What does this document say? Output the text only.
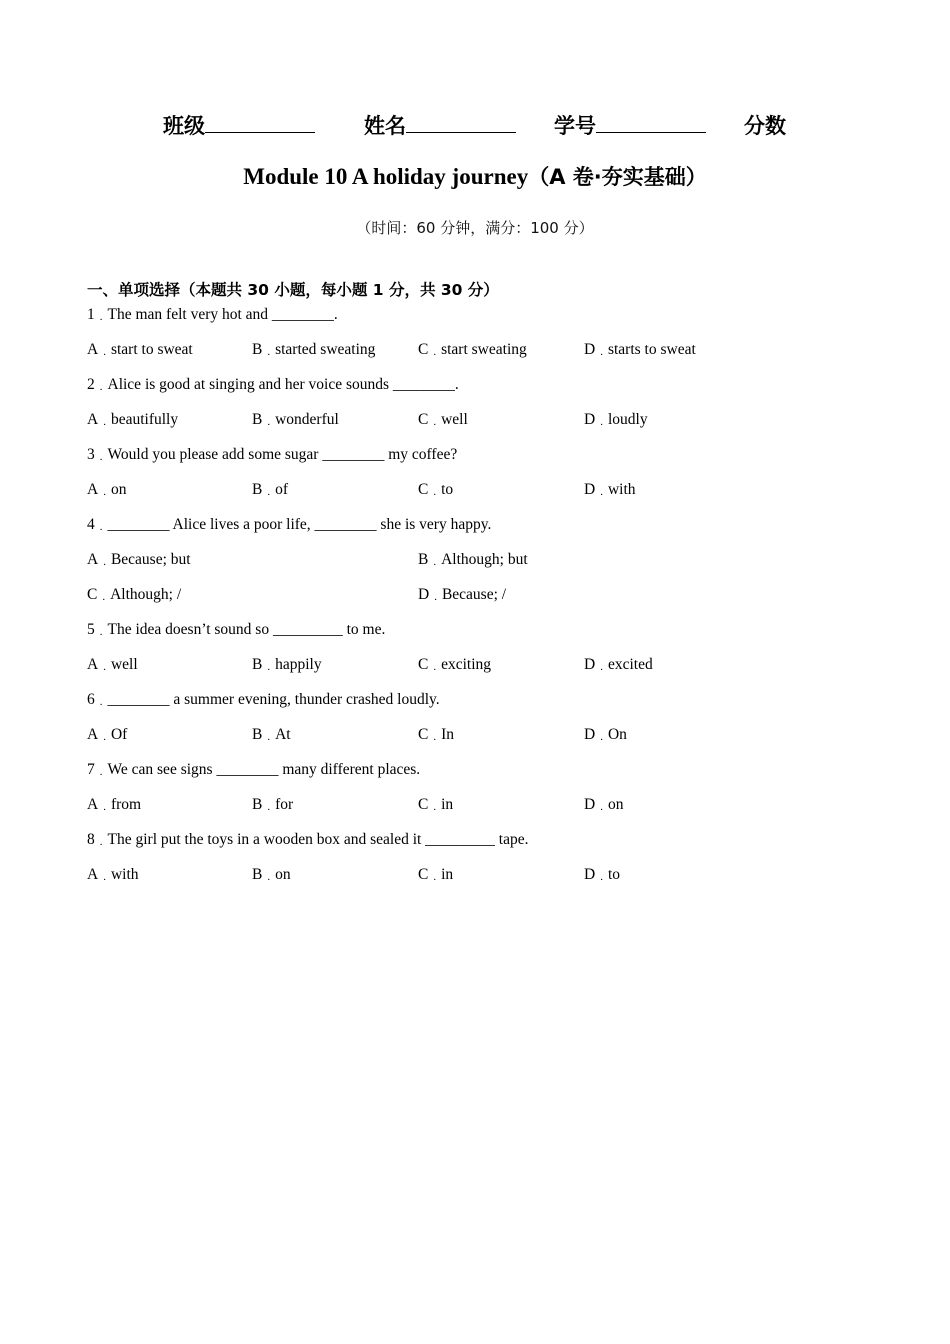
班级	姓名	学号	分数
Module 10 A holiday journey（A 卷·夯实基础）
（时间：60 分钟，满分：100 分）
一、单项选择（本题共 30 小题，每小题 1 分，共 30 分）
1 . The man felt very hot and ________.
A . start to sweat	B . started sweating	C . start sweating	D . starts to sweat
2 . Alice is good at singing and her voice sounds ________.
A . beautifully	B . wonderful	C . well	D . loudly
3 . Would you please add some sugar ________ my coffee?
A . on	B . of	C . to	D . with
4 . ________ Alice lives a poor life, ________ she is very happy.
A . Because; but	B . Although; but
C . Although; /	D . Because; /
5 . The idea doesn’t sound so _________ to me.
A . well	B . happily	C . exciting	D . excited
6 . ________ a summer evening, thunder crashed loudly.
A . Of	B . At	C . In	D . On
7 . We can see signs ________ many different places.
A . from	B . for	C . in	D . on
8 . The girl put the toys in a wooden box and sealed it _________ tape.
A . with	B . on	C . in	D . to
